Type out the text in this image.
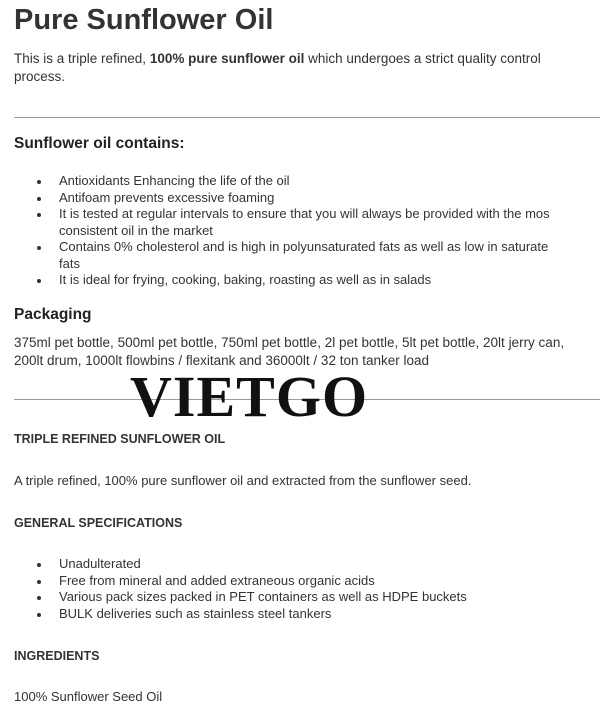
Pure Sunflower Oil

This is a triple refined, 100% pure sunflower oil which undergoes a strict quality control process.

Sunflower oil contains:
Antioxidants Enhancing the life of the oil
Antifoam prevents excessive foaming
It is tested at regular intervals to ensure that you will always be provided with the mos
consistent oil in the market
Contains 0% cholesterol and is high in polyunsaturated fats as well as low in saturate
fats
It is ideal for frying, cooking, baking, roasting as well as in salads
Packaging

375ml pet bottle, 500ml pet bottle, 750ml pet bottle, 2l pet bottle, 5lt pet bottle, 20lt jerry can,
200lt drum, 1000lt flowbins / flexitank and 36000lt / 32 ton tanker load

VIETGO
TRIPLE REFINED SUNFLOWER OIL

A triple refined, 100% pure sunflower oil and extracted from the sunflower seed.

GENERAL SPECIFICATIONS
Unadulterated
Free from mineral and added extraneous organic acids
Various pack sizes packed in PET containers as well as HDPE buckets
BULK deliveries such as stainless steel tankers
INGREDIENTS

100% Sunflower Seed Oil
